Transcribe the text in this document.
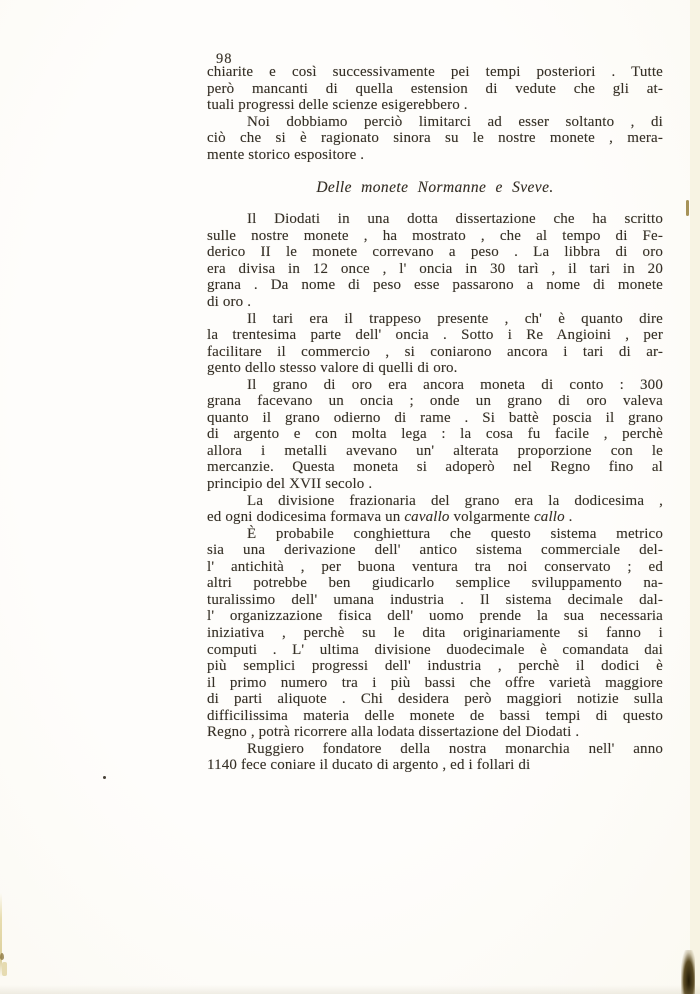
98
chiarite e così successivamente pei tempi posteriori . Tutte
però mancanti di quella estension di vedute che gli at-
tuali progressi delle scienze esigerebbero .
Noi dobbiamo perciò limitarci ad esser soltanto , di
ciò che si è ragionato sinora su le nostre monete , mera-
mente storico espositore .
Delle monete Normanne e Sveve.
Il Diodati in una dotta dissertazione che ha scritto
sulle nostre monete , ha mostrato , che al tempo di Fe-
derico II le monete correvano a peso . La libbra di oro
era divisa in 12 once , l' oncia in 30 tarì , il tari in 20
grana . Da nome di peso esse passarono a nome di monete
di oro .
Il tari era il trappeso presente , ch' è quanto dire
la trentesima parte dell' oncia . Sotto i Re Angioini , per
facilitare il commercio , si coniarono ancora i tari di ar-
gento dello stesso valore di quelli di oro.
Il grano di oro era ancora moneta di conto : 300
grana facevano un oncia ; onde un grano di oro valeva
quanto il grano odierno di rame . Si battè poscia il grano
di argento e con molta lega : la cosa fu facile , perchè
allora i metalli avevano un' alterata proporzione con le
mercanzie. Questa moneta si adoperò nel Regno fino al
principio del XVII secolo .
La divisione frazionaria del grano era la dodicesima ,
ed ogni dodicesima formava un cavallo volgarmente callo .
È probabile conghiettura che questo sistema metrico
sia una derivazione dell' antico sistema commerciale del-
l' antichità , per buona ventura tra noi conservato ; ed
altri potrebbe ben giudicarlo semplice sviluppamento na-
turalissimo dell' umana industria . Il sistema decimale dal-
l' organizzazione fisica dell' uomo prende la sua necessaria
iniziativa , perchè su le dita originariamente si fanno i
computi . L' ultima divisione duodecimale è comandata dai
più semplici progressi dell' industria , perchè il dodici è
il primo numero tra i più bassi che offre varietà maggiore
di parti aliquote . Chi desidera però maggiori notizie sulla
difficilissima materia delle monete de bassi tempi di questo
Regno , potrà ricorrere alla lodata dissertazione del Diodati .
Ruggiero fondatore della nostra monarchia nell' anno
1140 fece coniare il ducato di argento , ed i follari di
